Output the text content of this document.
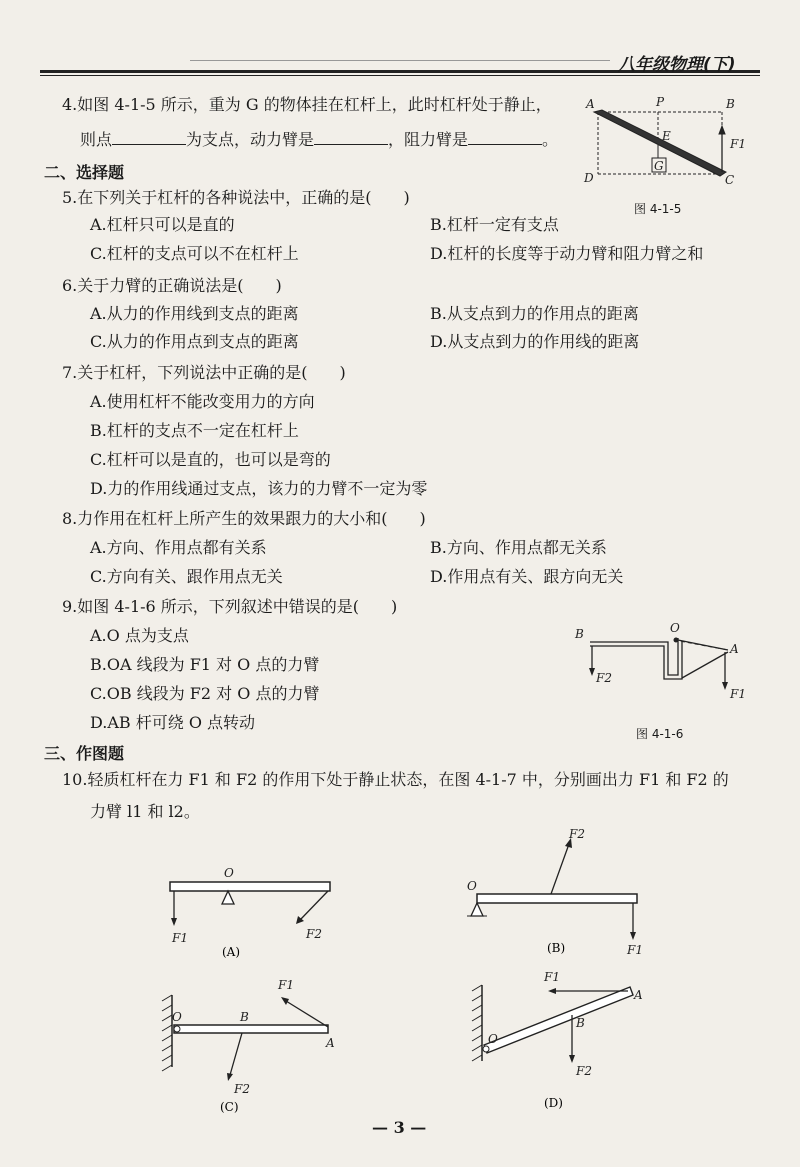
八年级物理(下)
4.如图 4-1-5 所示，重为 G 的物体挂在杠杆上，此时杠杆处于静止，
则点	为支点，动力臂是	，阻力臂是	。
A	P	B
E
F1
D
G
C
图 4-1-5
二、选择题
5.在下列关于杠杆的各种说法中，正确的是(　　)
A.杠杆只可以是直的	B.杠杆一定有支点
C.杠杆的支点可以不在杠杆上	D.杠杆的长度等于动力臂和阻力臂之和
6.关于力臂的正确说法是(　　)
A.从力的作用线到支点的距离	B.从支点到力的作用点的距离
C.从力的作用点到支点的距离	D.从支点到力的作用线的距离
7.关于杠杆，下列说法中正确的是(　　)
A.使用杠杆不能改变用力的方向
B.杠杆的支点不一定在杠杆上
C.杠杆可以是直的，也可以是弯的
D.力的作用线通过支点，该力的力臂不一定为零
8.力作用在杠杆上所产生的效果跟力的大小和(　　)
A.方向、作用点都有关系	B.方向、作用点都无关系
C.方向有关、跟作用点无关	D.作用点有关、跟方向无关
9.如图 4-1-6 所示，下列叙述中错误的是(　　)
A.O 点为支点
B.OA 线段为 F1 对 O 点的力臂
C.OB 线段为 F2 对 O 点的力臂
D.AB 杆可绕 O 点转动
B	O
A
F2
F1
图 4-1-6
三、作图题
10.轻质杠杆在力 F1 和 F2 的作用下处于静止状态，在图 4-1-7 中，分别画出力 F1 和 F2 的
力臂 l1 和 l2。
O
F1	F2
(A)
O
F2
F1
(B)
O	B
A
F1
F2
(C)
O
B
A
F1
F2
(D)
— 3 —
